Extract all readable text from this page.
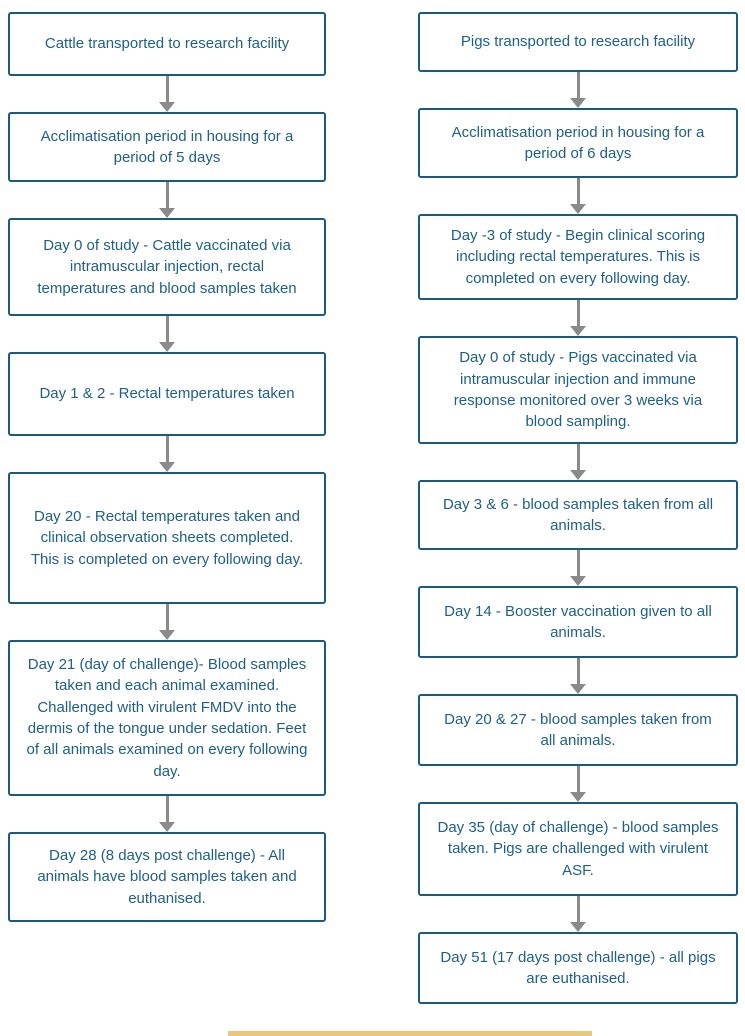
Cattle transported to research facility
Acclimatisation period in housing for a period of 5 days
Day 0 of study - Cattle vaccinated via intramuscular injection, rectal temperatures and blood samples taken
Day 1 & 2 - Rectal temperatures taken
Day 20 - Rectal temperatures taken and clinical observation sheets completed. This is completed on every following day.
Day 21 (day of challenge)- Blood samples taken and each animal examined. Challenged with virulent FMDV into the dermis of the tongue under sedation. Feet of all animals examined on every following day.
Day 28 (8 days post challenge) - All animals have blood samples taken and euthanised.
Pigs transported to research facility
Acclimatisation period in housing for a period of 6 days
Day -3 of study - Begin clinical scoring including rectal temperatures. This is completed on every following day.
Day 0 of study - Pigs vaccinated via intramuscular injection and immune response monitored over 3 weeks via blood sampling.
Day 3 & 6 - blood samples taken from all animals.
Day 14 - Booster vaccination given to all animals.
Day 20 & 27 - blood samples taken from all animals.
Day 35 (day of challenge) - blood samples taken. Pigs are challenged with virulent ASF.
Day 51 (17 days post challenge) - all pigs are euthanised.
